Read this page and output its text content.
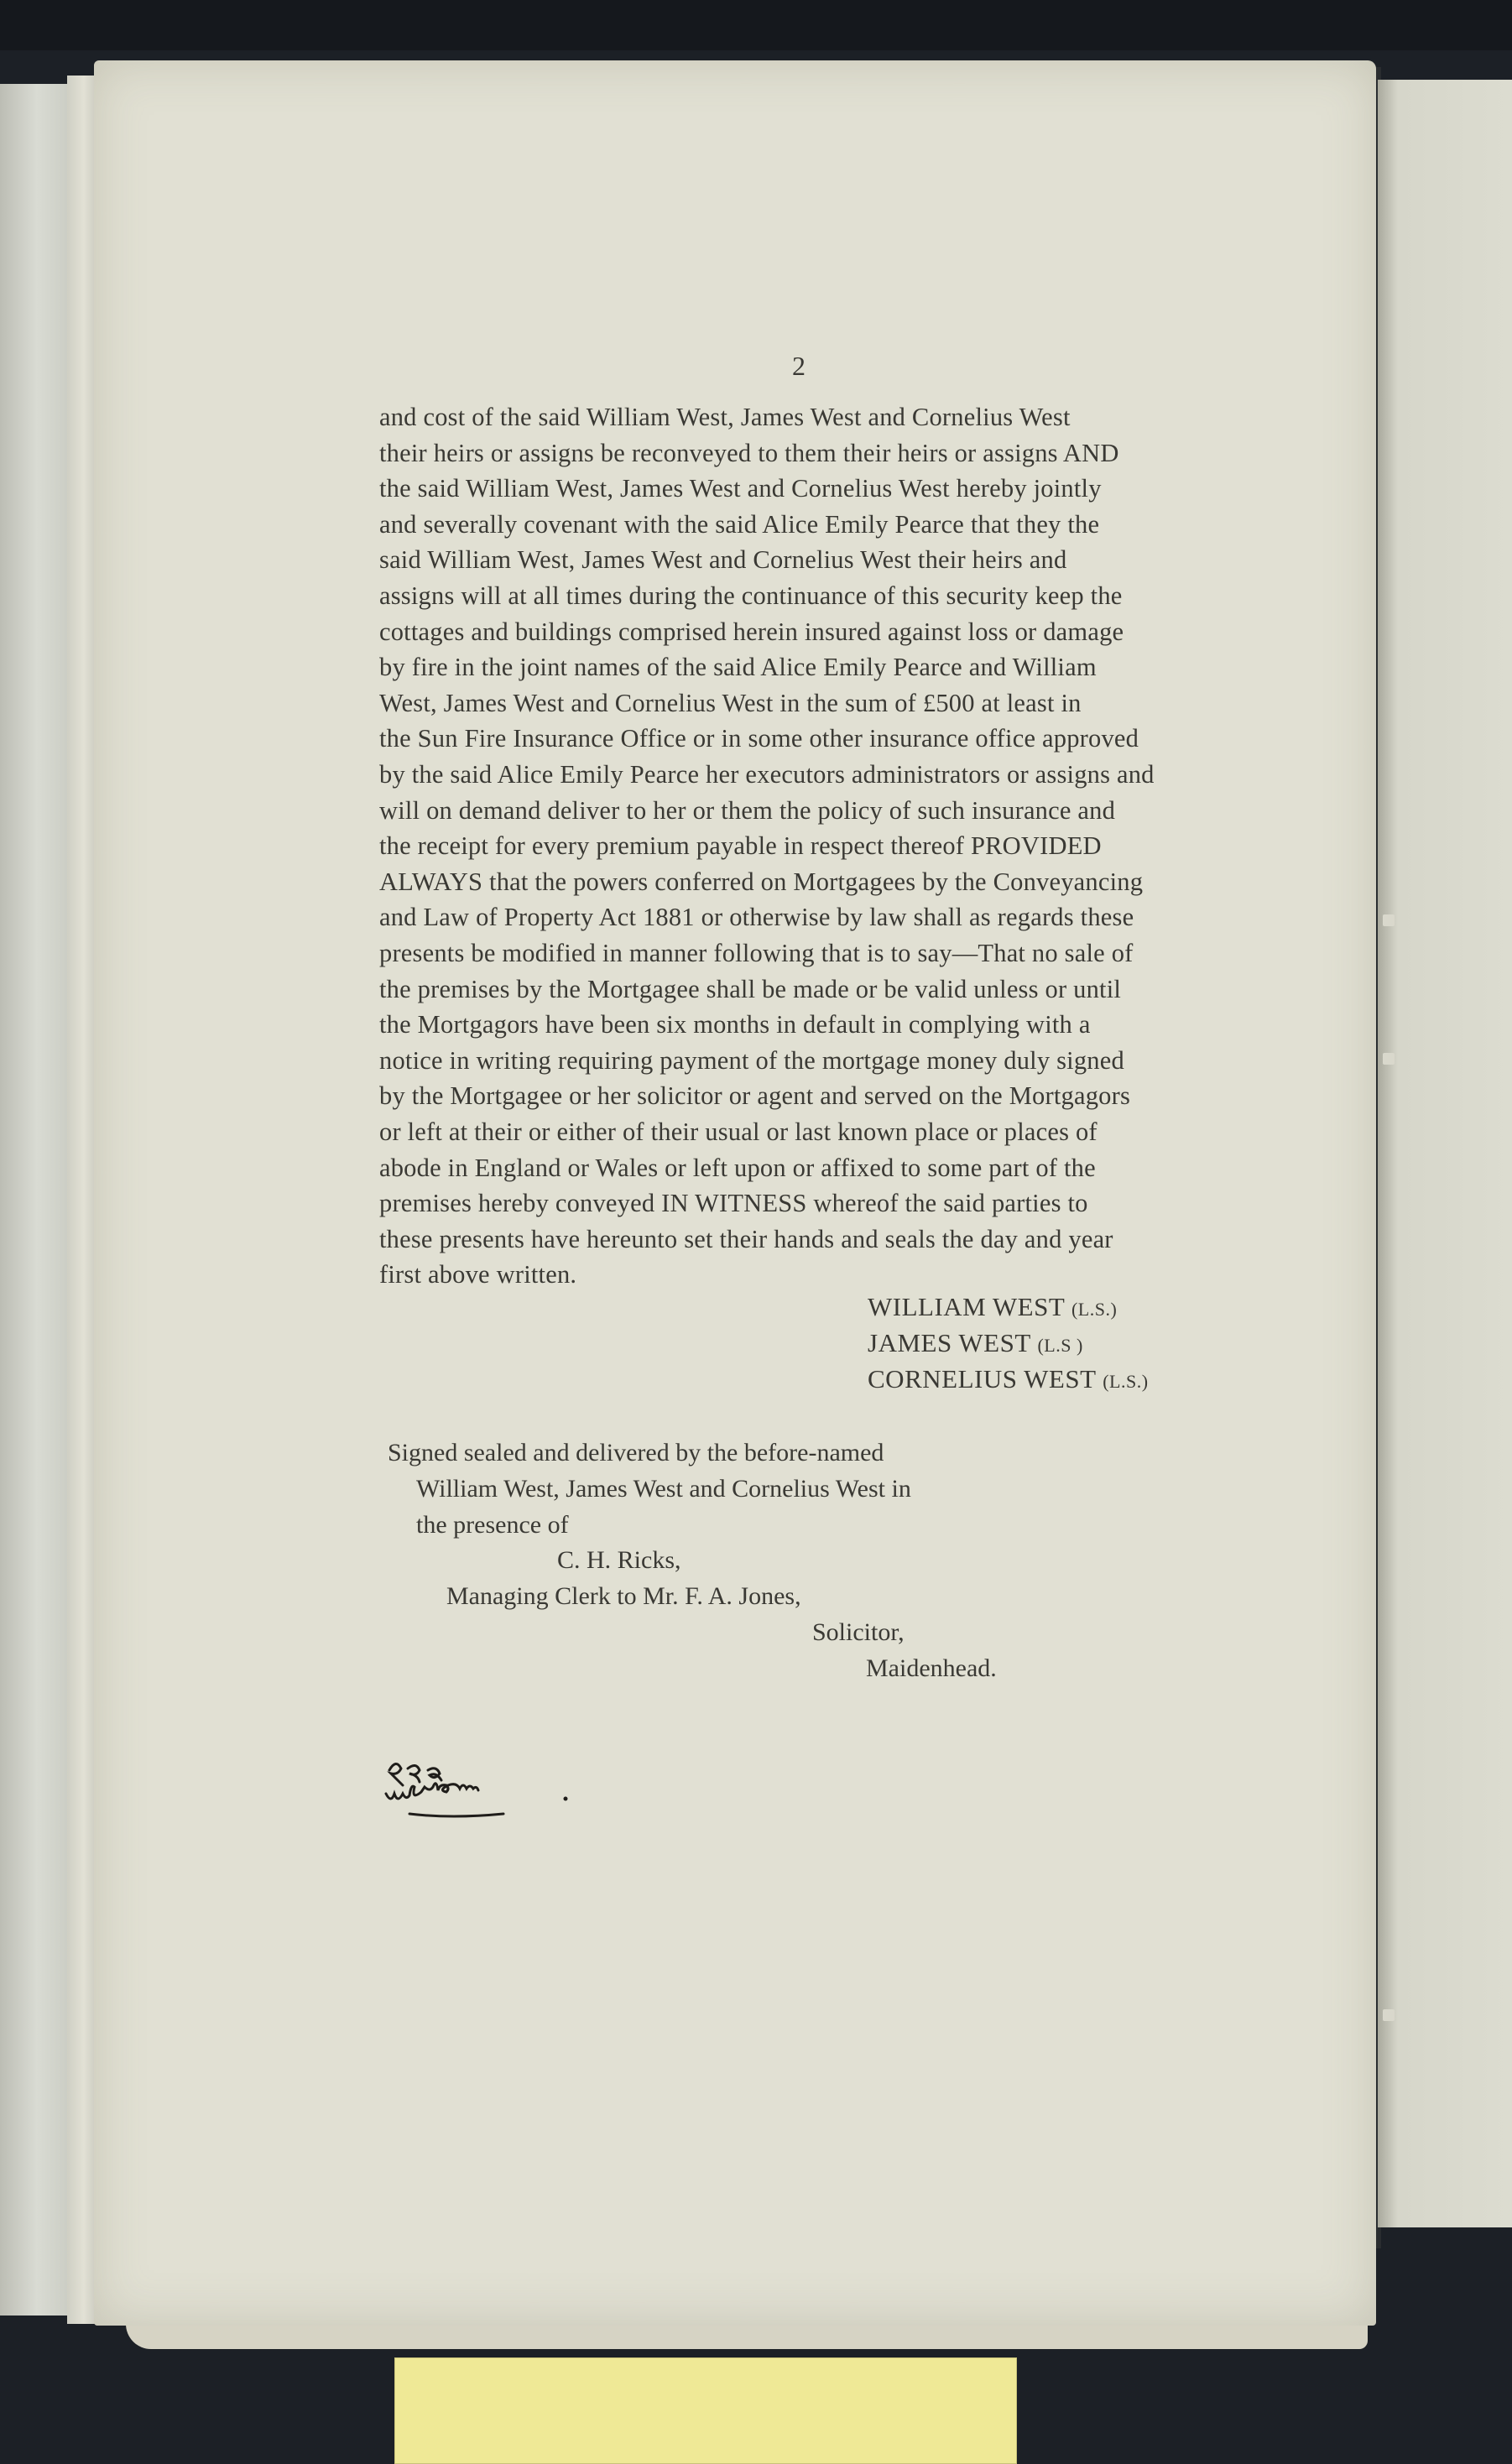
2
and cost of the said William West, James West and Cornelius West
their heirs or assigns be reconveyed to them their heirs or assigns AND
the said William West, James West and Cornelius West hereby jointly
and severally covenant with the said Alice Emily Pearce that they the
said William West, James West and Cornelius West their heirs and
assigns will at all times during the continuance of this security keep the
cottages and buildings comprised herein insured against loss or damage
by fire in the joint names of the said Alice Emily Pearce and William
West, James West and Cornelius West in the sum of £500 at least in
the Sun Fire Insurance Office or in some other insurance office approved
by the said Alice Emily Pearce her executors administrators or assigns and
will on demand deliver to her or them the policy of such insurance and
the receipt for every premium payable in respect thereof PROVIDED
ALWAYS that the powers conferred on Mortgagees by the Conveyancing
and Law of Property Act 1881 or otherwise by law shall as regards these
presents be modified in manner following that is to say—That no sale of
the premises by the Mortgagee shall be made or be valid unless or until
the Mortgagors have been six months in default in complying with a
notice in writing requiring payment of the mortgage money duly signed
by the Mortgagee or her solicitor or agent and served on the Mortgagors
or left at their or either of their usual or last known place or places of
abode in England or Wales or left upon or affixed to some part of the
premises hereby conveyed IN WITNESS whereof the said parties to
these presents have hereunto set their hands and seals the day and year
first above written.
WILLIAM WEST (L.S.)
JAMES WEST (L.S )
CORNELIUS WEST (L.S.)
Signed sealed and delivered by the before-named
William West, James West and Cornelius West in
the presence of
C. H. Ricks,
Managing Clerk to Mr. F. A. Jones,
Solicitor,
Maidenhead.
